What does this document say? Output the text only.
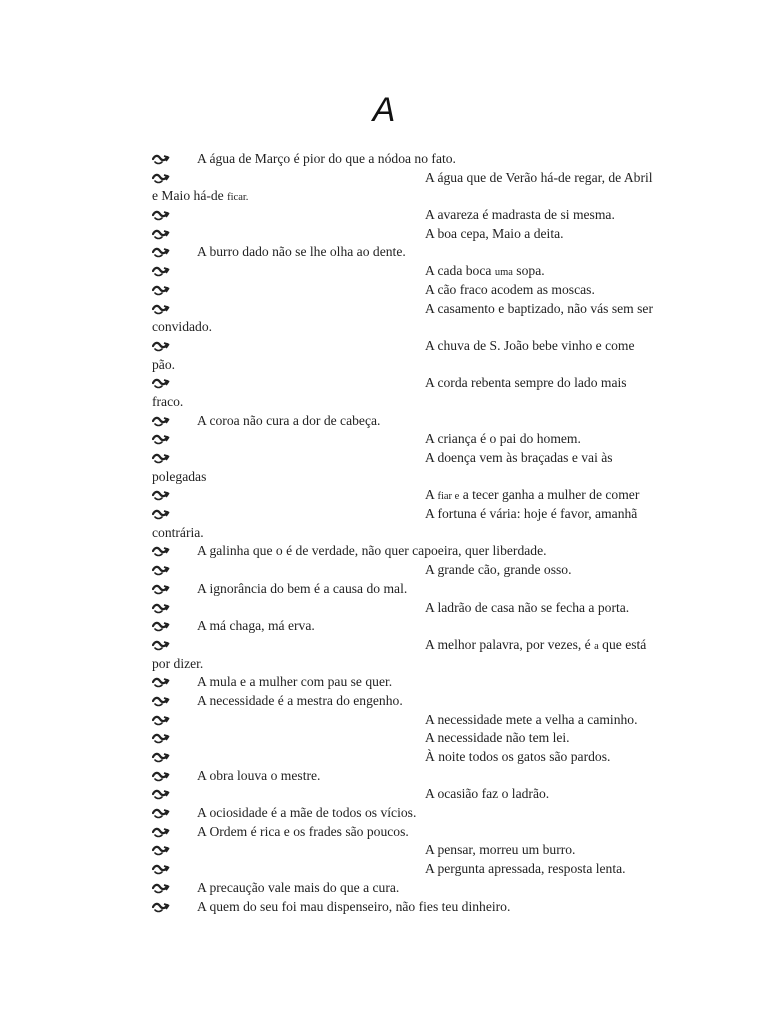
A
A água de Março é pior do que a nódoa no fato.
A água que de Verão há-de regar, de Abril
e Maio há-de ficar.
A avareza é madrasta de si mesma.
A boa cepa, Maio a deita.
A burro dado não se lhe olha ao dente.
A cada boca uma sopa.
A cão fraco acodem as moscas.
A casamento e baptizado, não vás sem ser
convidado.
A chuva de S. João bebe vinho e come
pão.
A corda rebenta sempre do lado mais
fraco.
A coroa não cura a dor de cabeça.
A criança é o pai do homem.
A doença vem às braçadas e vai às
polegadas
A fiar e a tecer ganha a mulher de comer
A fortuna é vária: hoje é favor, amanhã
contrária.
A galinha que o é de verdade, não quer capoeira, quer liberdade.
A grande cão, grande osso.
A ignorância do bem é a causa do mal.
A ladrão de casa não se fecha a porta.
A má chaga, má erva.
A melhor palavra, por vezes, é a que está
por dizer.
A mula e a mulher com pau se quer.
A necessidade é a mestra do engenho.
A necessidade mete a velha a caminho.
A necessidade não tem lei.
À noite todos os gatos são pardos.
A obra louva o mestre.
A ocasião faz o ladrão.
A ociosidade é a mãe de todos os vícios.
A Ordem é rica e os frades são poucos.
A pensar, morreu um burro.
A pergunta apressada, resposta lenta.
A precaução vale mais do que a cura.
A quem do seu foi mau dispenseiro, não fies teu dinheiro.
